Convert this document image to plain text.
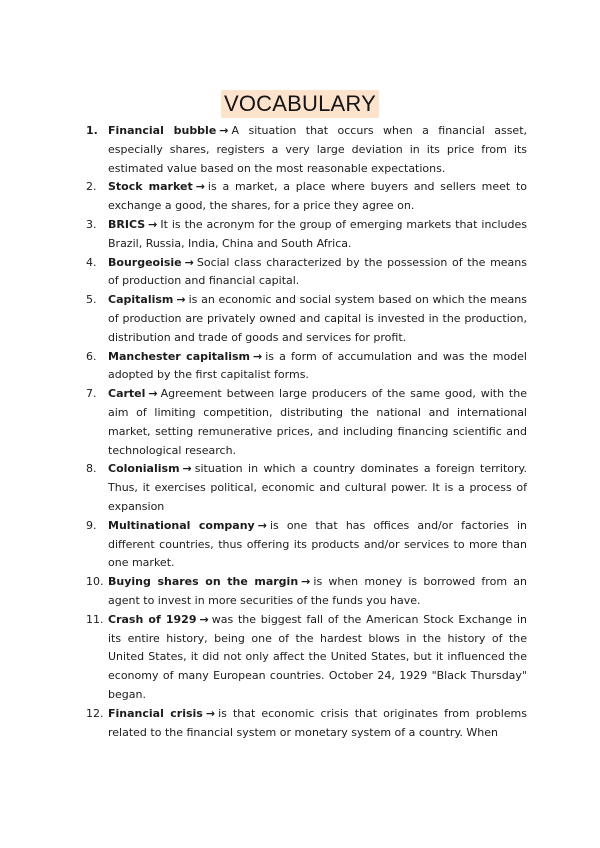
VOCABULARY
1. Financial bubble → A situation that occurs when a financial asset, especially shares, registers a very large deviation in its price from its estimated value based on the most reasonable expectations.
2.	Stock market → is a market, a place where buyers and sellers meet to exchange a good, the shares, for a price they agree on.
3.	BRICS → It is the acronym for the group of emerging markets that includes Brazil, Russia, India, China and South Africa.
4.	Bourgeoisie → Social class characterized by the possession of the means of production and financial capital.
5.	Capitalism → is an economic and social system based on which the means of production are privately owned and capital is invested in the production, distribution and trade of goods and services for profit.
6.	Manchester capitalism → is a form of accumulation and was the model adopted by the first capitalist forms.
7.	Cartel → Agreement between large producers of the same good, with the aim of limiting competition, distributing the national and international market, setting remunerative prices, and including financing scientific and technological research.
8.	Colonialism → situation in which a country dominates a foreign territory. Thus, it exercises political, economic and cultural power. It is a process of expansion
9.	Multinational company → is one that has offices and/or factories in different countries, thus offering its products and/or services to more than one market.
10. Buying shares on the margin → is when money is borrowed from an agent to invest in more securities of the funds you have.
11. Crash of 1929 → was the biggest fall of the American Stock Exchange in its entire history, being one of the hardest blows in the history of the United States, it did not only affect the United States, but it influenced the economy of many European countries. October 24, 1929 "Black Thursday" began.
12. Financial crisis → is that economic crisis that originates from problems related to the financial system or monetary system of a country. When
